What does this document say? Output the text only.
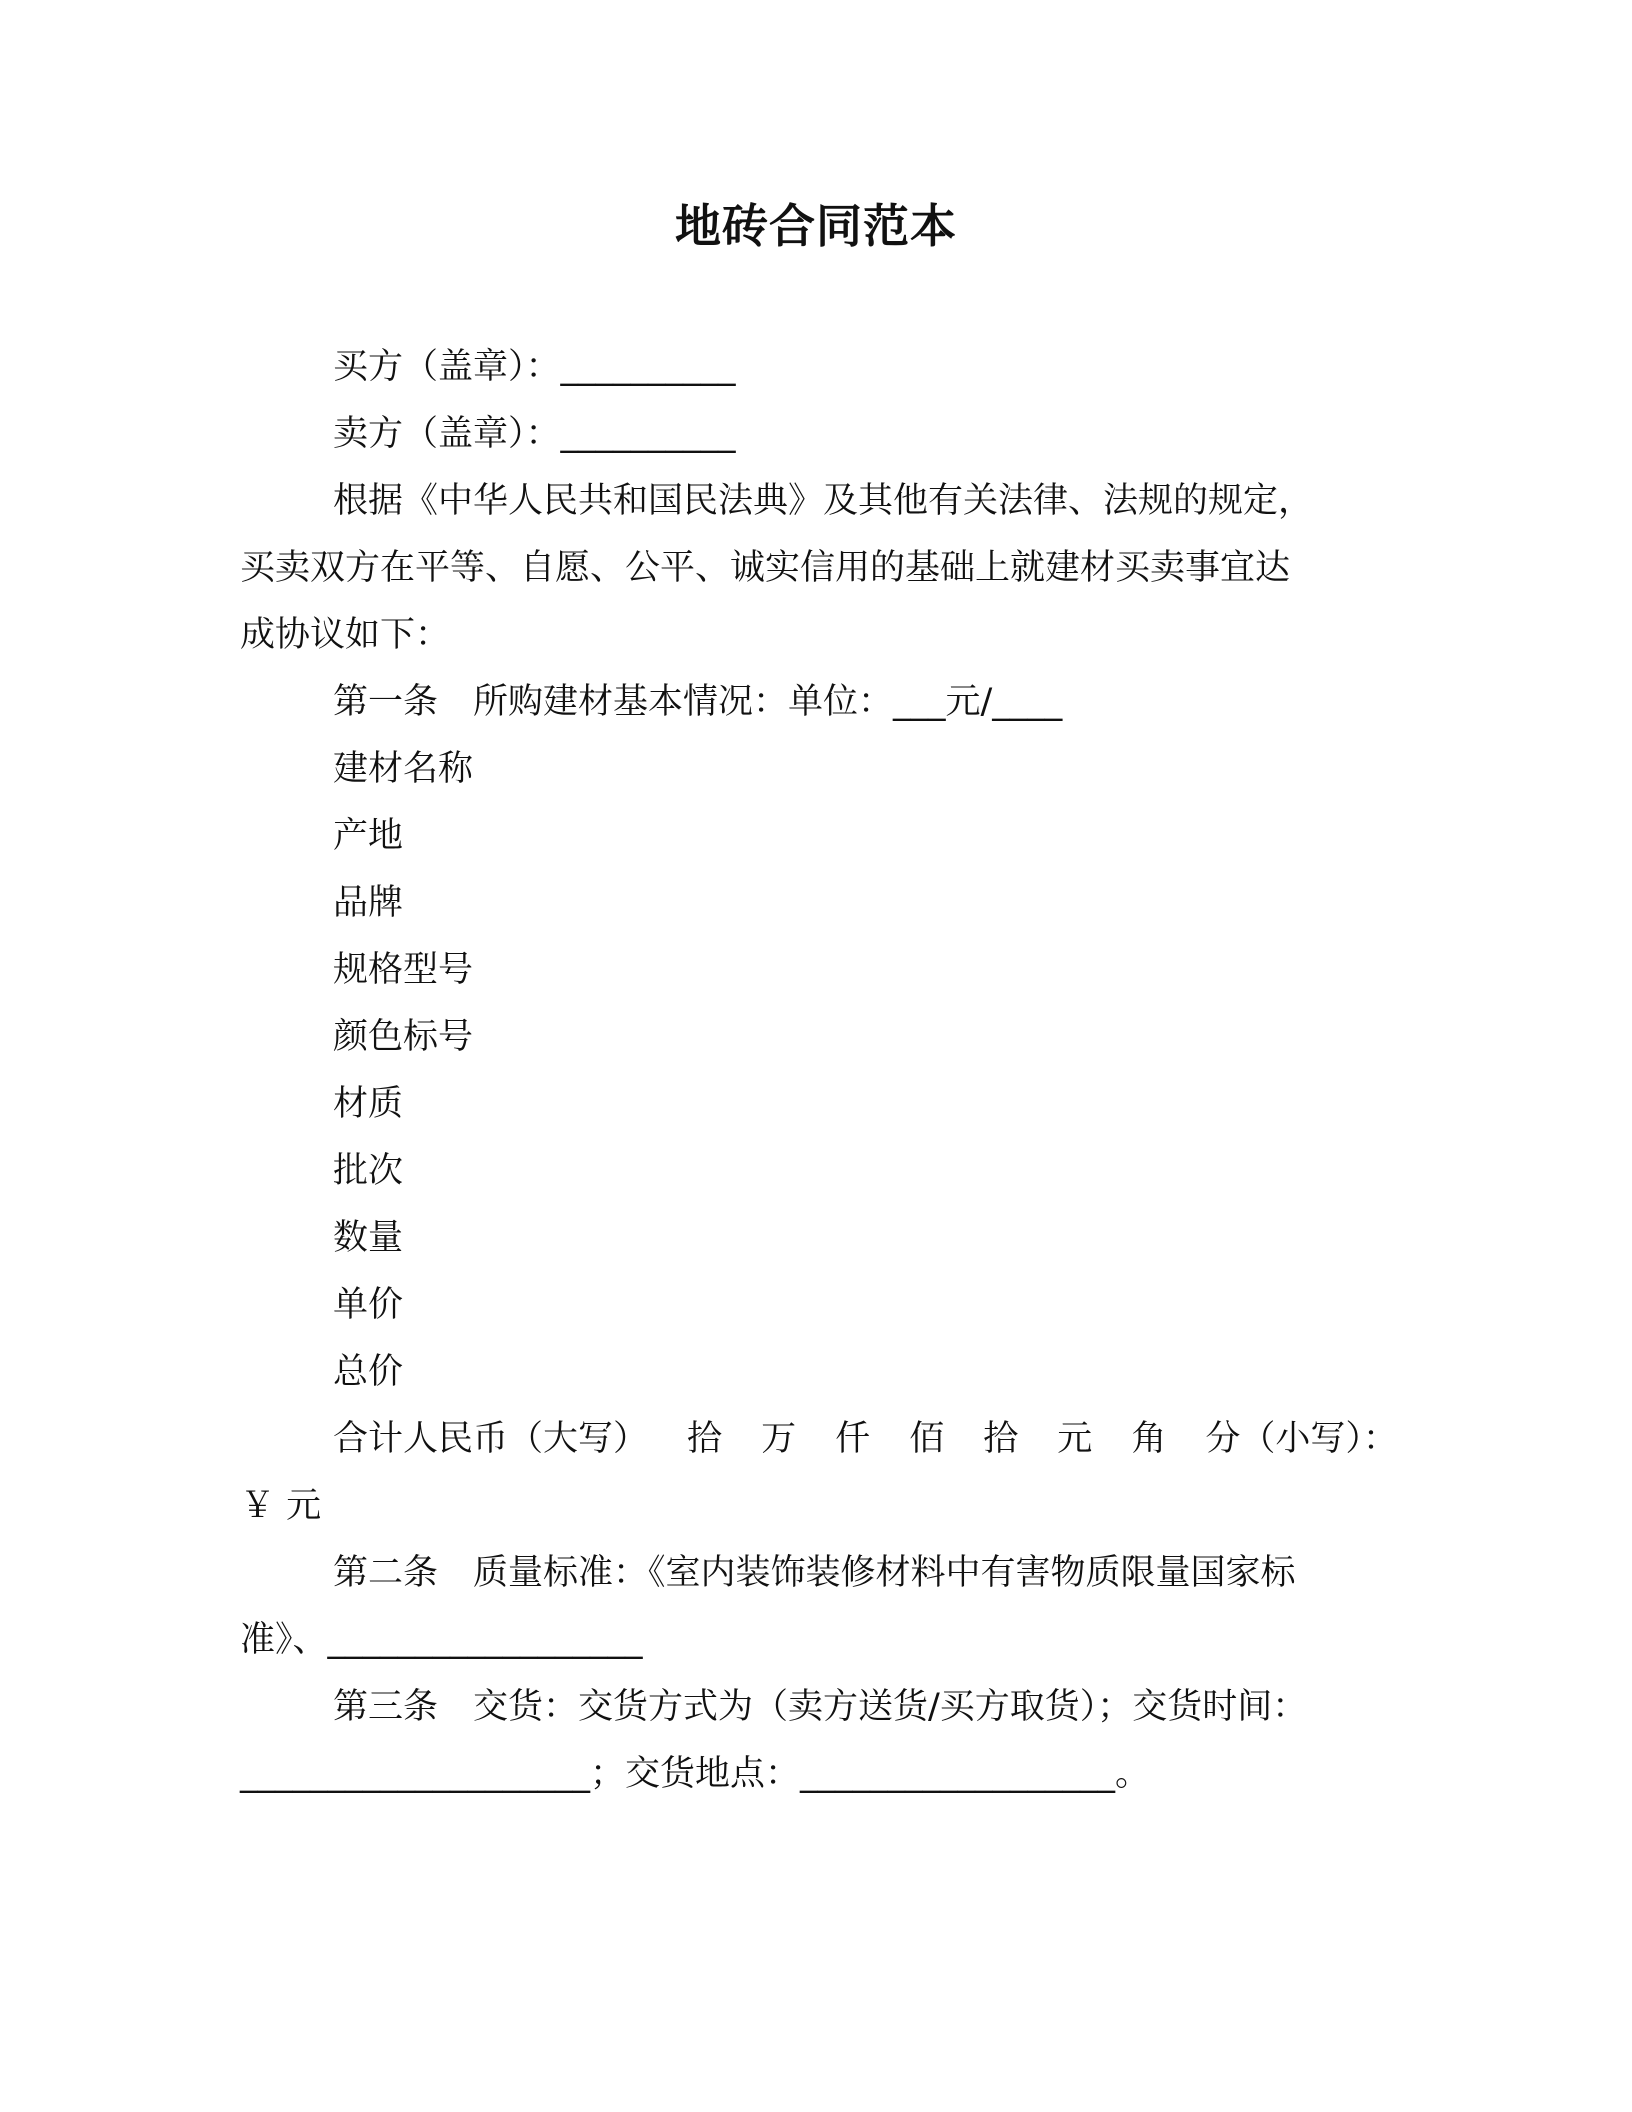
地砖合同范本
买方（盖章）：__________
卖方（盖章）：__________
根据《中华人民共和国民法典》及其他有关法律、法规的规定，
买卖双方在平等、自愿、公平、诚实信用的基础上就建材买卖事宜达
成协议如下：
第一条　所购建材基本情况：单位：___元/____
建材名称
产地
品牌
规格型号
颜色标号
材质
批次
数量
单价
总价
合计人民币（大写） 拾 万 仟 佰 拾 元 角 分（小写）：
￥ 元
第二条　质量标准：《室内装饰装修材料中有害物质限量国家标
准》、__________________
第三条　交货：交货方式为（卖方送货/买方取货）；交货时间：
____________________；交货地点：__________________。
